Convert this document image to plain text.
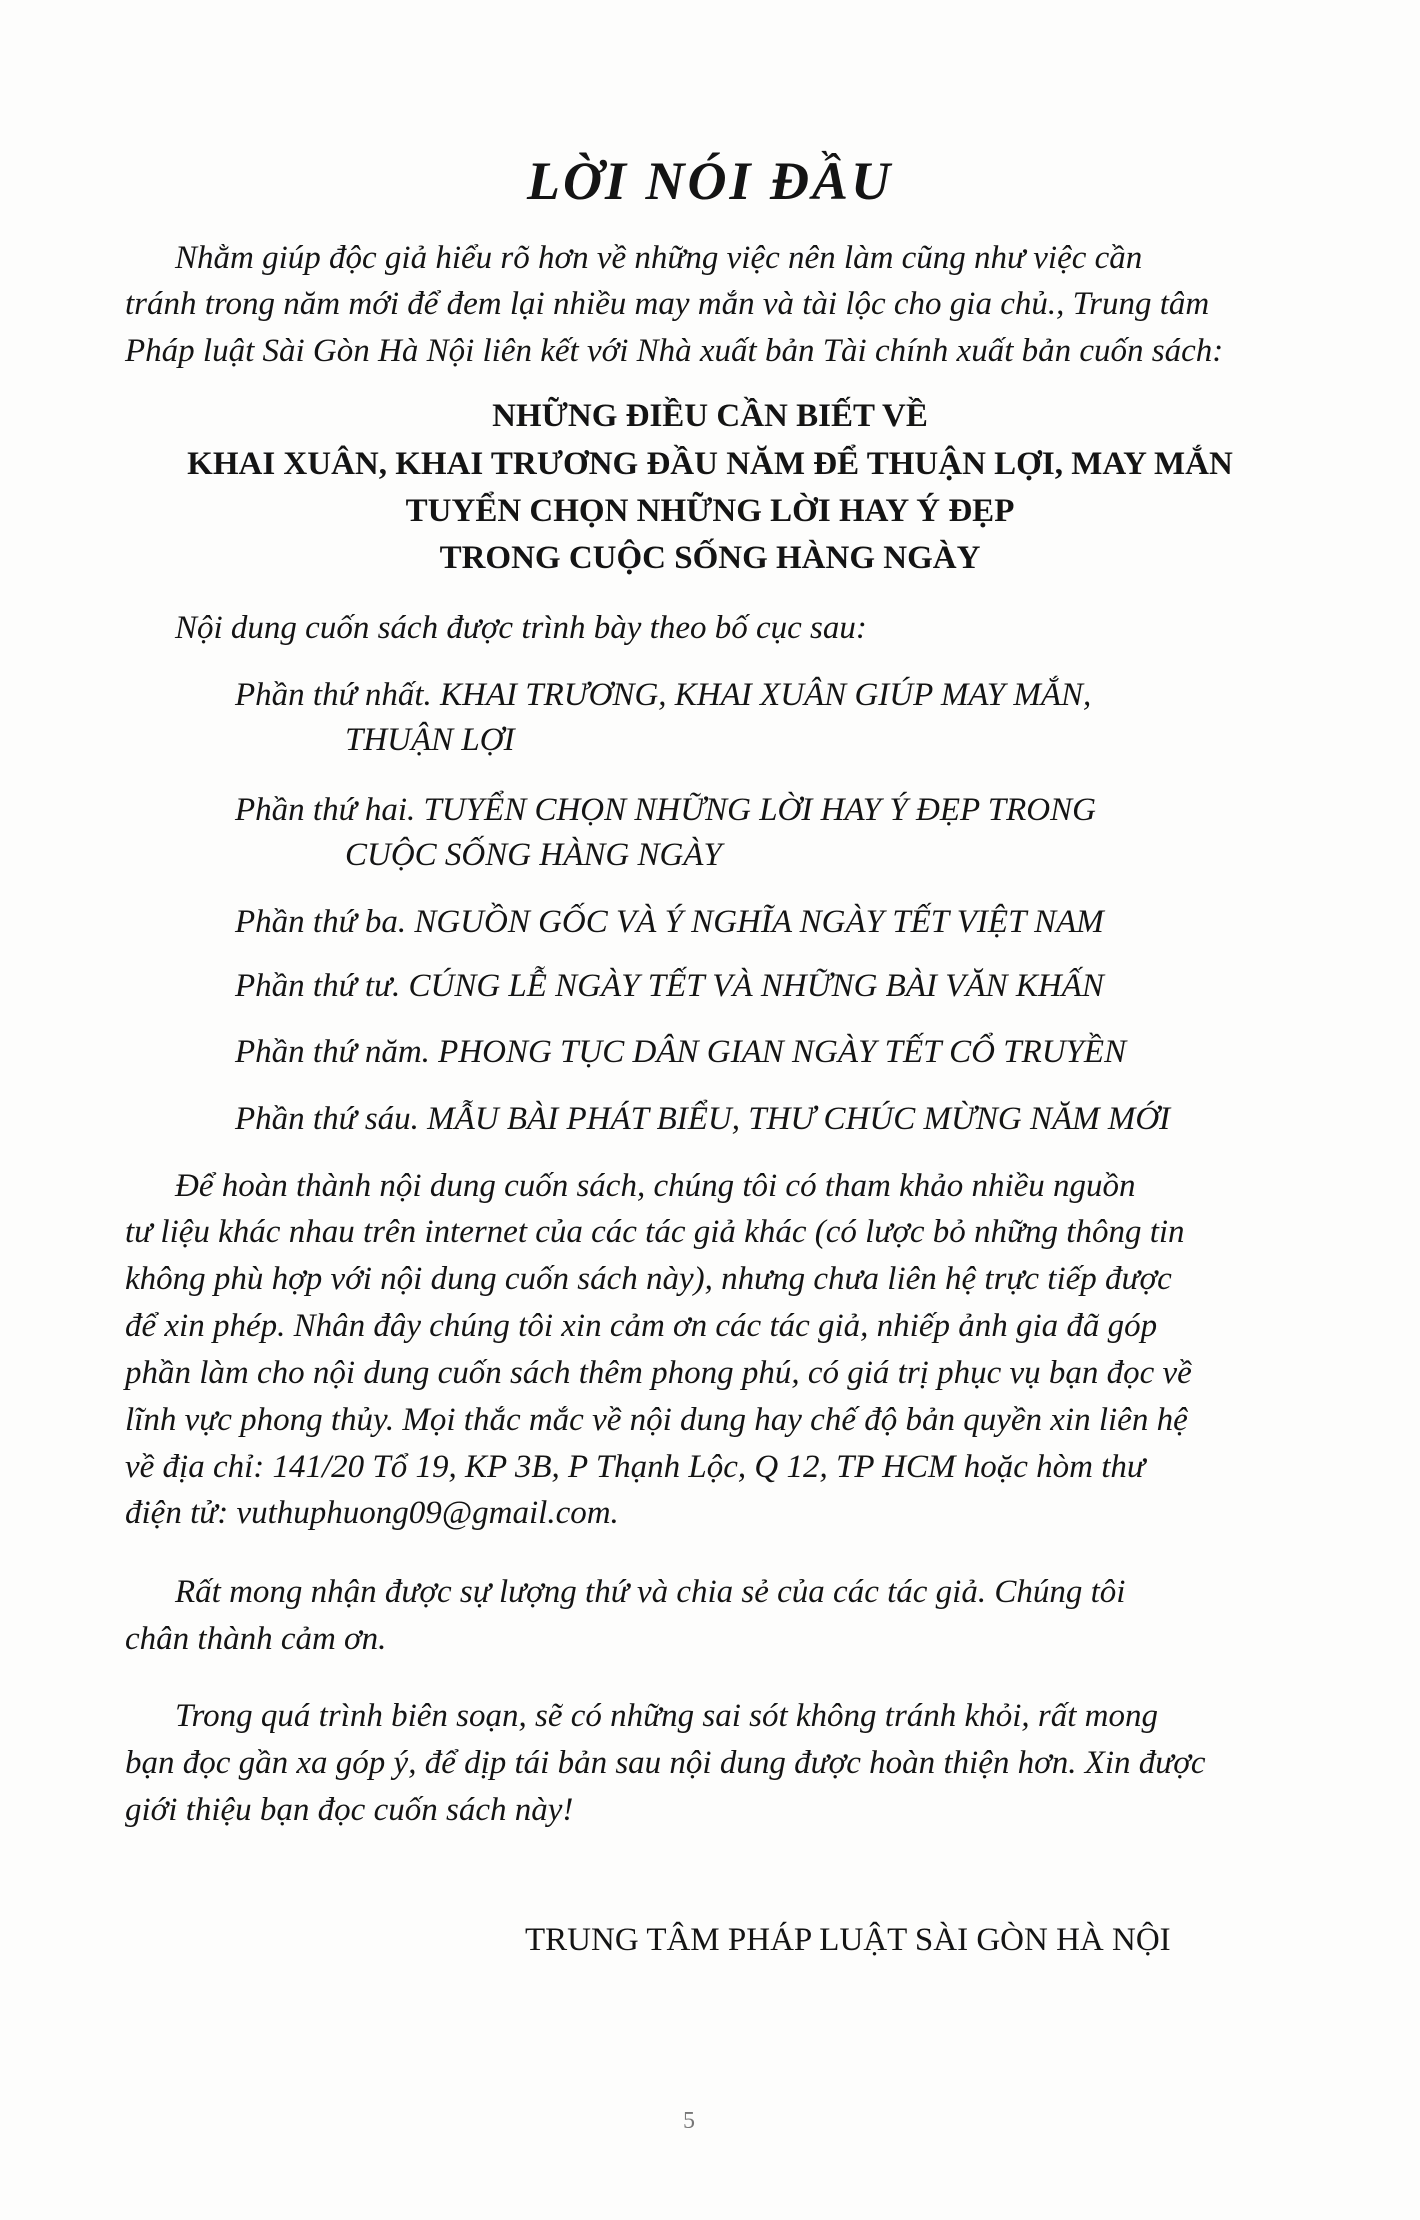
LỜI NÓI ĐẦU
Nhằm giúp độc giả hiểu rõ hơn về những việc nên làm cũng như việc cần
tránh trong năm mới để đem lại nhiều may mắn và tài lộc cho gia chủ., Trung tâm
Pháp luật Sài Gòn Hà Nội liên kết với Nhà xuất bản Tài chính xuất bản cuốn sách:
NHỮNG ĐIỀU CẦN BIẾT VỀ
KHAI XUÂN, KHAI TRƯƠNG ĐẦU NĂM ĐỂ THUẬN LỢI, MAY MẮN
TUYỂN CHỌN NHỮNG LỜI HAY Ý ĐẸP
TRONG CUỘC SỐNG HÀNG NGÀY
Nội dung cuốn sách được trình bày theo bố cục sau:
Phần thứ nhất. KHAI TRƯƠNG, KHAI XUÂN GIÚP MAY MẮN,
THUẬN LỢI
Phần thứ hai. TUYỂN CHỌN NHỮNG LỜI HAY Ý ĐẸP TRONG
CUỘC SỐNG HÀNG NGÀY
Phần thứ ba. NGUỒN GỐC VÀ Ý NGHĨA NGÀY TẾT VIỆT NAM
Phần thứ tư. CÚNG LỄ NGÀY TẾT VÀ NHỮNG BÀI VĂN KHẤN
Phần thứ năm. PHONG TỤC DÂN GIAN NGÀY TẾT CỔ TRUYỀN
Phần thứ sáu. MẪU BÀI PHÁT BIỂU, THƯ CHÚC MỪNG NĂM MỚI
Để hoàn thành nội dung cuốn sách, chúng tôi có tham khảo nhiều nguồn
tư liệu khác nhau trên internet của các tác giả khác (có lược bỏ những thông tin
không phù hợp với nội dung cuốn sách này), nhưng chưa liên hệ trực tiếp được
để xin phép. Nhân đây chúng tôi xin cảm ơn các tác giả, nhiếp ảnh gia đã góp
phần làm cho nội dung cuốn sách thêm phong phú, có giá trị phục vụ bạn đọc về
lĩnh vực phong thủy. Mọi thắc mắc về nội dung hay chế độ bản quyền xin liên hệ
về địa chỉ: 141/20 Tổ 19, KP 3B, P Thạnh Lộc, Q 12, TP HCM hoặc hòm thư
điện tử: vuthuphuong09@gmail.com.
Rất mong nhận được sự lượng thứ và chia sẻ của các tác giả. Chúng tôi
chân thành cảm ơn.
Trong quá trình biên soạn, sẽ có những sai sót không tránh khỏi, rất mong
bạn đọc gần xa góp ý, để dịp tái bản sau nội dung được hoàn thiện hơn. Xin được
giới thiệu bạn đọc cuốn sách này!
TRUNG TÂM PHÁP LUẬT SÀI GÒN HÀ NỘI
5
